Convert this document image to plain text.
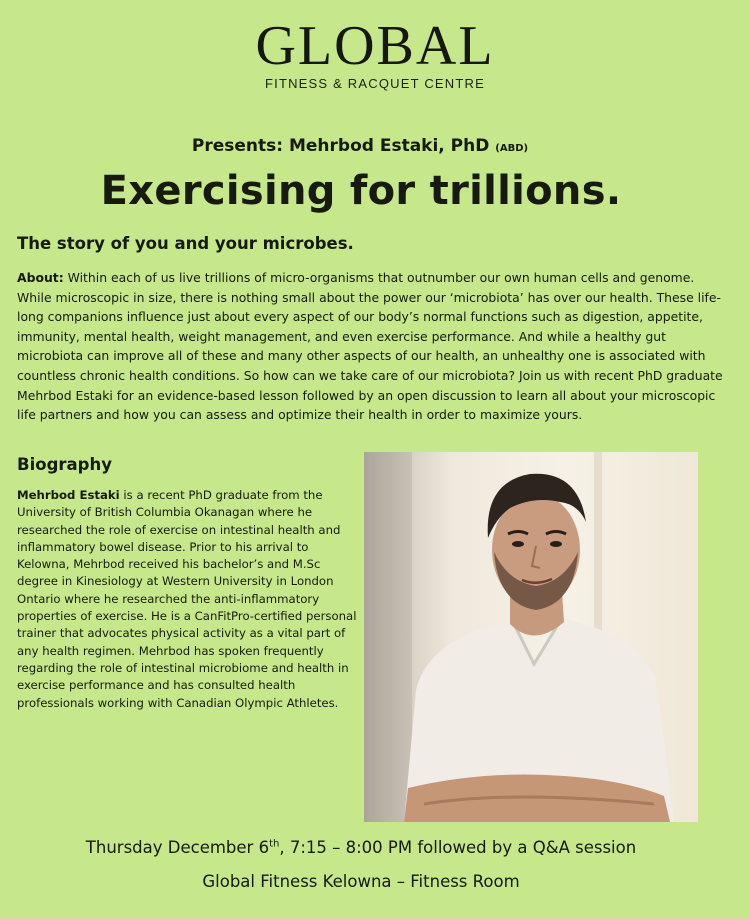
GLOBAL
FITNESS & RACQUET CENTRE
Presents: Mehrbod Estaki, PhD (ABD)
Exercising for trillions.
The story of you and your microbes.
About: Within each of us live trillions of micro-organisms that outnumber our own human cells and genome. While microscopic in size, there is nothing small about the power our ‘microbiota’ has over our health. These life-long companions influence just about every aspect of our body’s normal functions such as digestion, appetite, immunity, mental health, weight management, and even exercise performance. And while a healthy gut microbiota can improve all of these and many other aspects of our health, an unhealthy one is associated with countless chronic health conditions. So how can we take care of our microbiota? Join us with recent PhD graduate Mehrbod Estaki for an evidence-based lesson followed by an open discussion to learn all about your microscopic life partners and how you can assess and optimize their health in order to maximize yours.
Biography
Mehrbod Estaki is a recent PhD graduate from the University of British Columbia Okanagan where he researched the role of exercise on intestinal health and inflammatory bowel disease. Prior to his arrival to Kelowna, Mehrbod received his bachelor’s and M.Sc degree in Kinesiology at Western University in London Ontario where he researched the anti-inflammatory properties of exercise. He is a CanFitPro-certified personal trainer that advocates physical activity as a vital part of any health regimen. Mehrbod has spoken frequently regarding the role of intestinal microbiome and health in exercise performance and has consulted health professionals working with Canadian Olympic Athletes.
Thursday December 6th, 7:15 – 8:00 PM followed by a Q&A session
Global Fitness Kelowna – Fitness Room
